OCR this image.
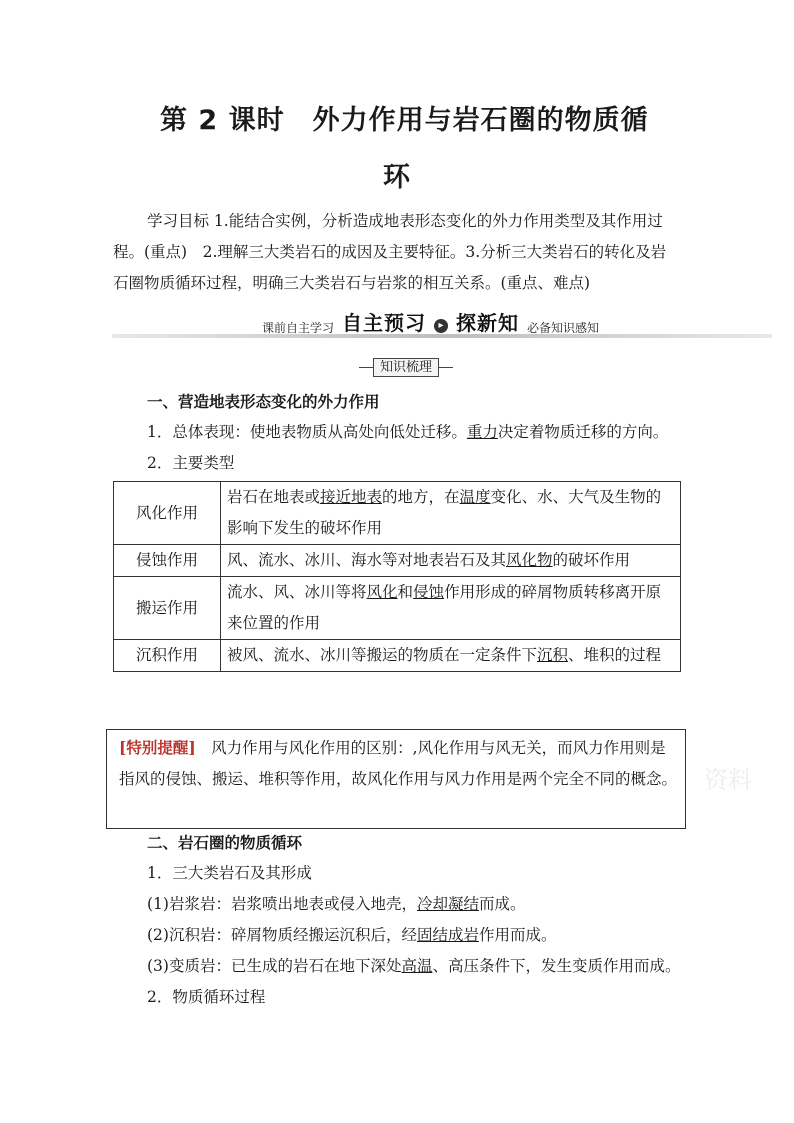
第 2 课时　外力作用与岩石圈的物质循
环
学习目标 1.能结合实例，分析造成地表形态变化的外力作用类型及其作用过
程。(重点)　2.理解三大类岩石的成因及主要特征。3.分析三大类岩石的转化及岩
石圈物质循环过程，明确三大类岩石与岩浆的相互关系。(重点、难点)
课前自主学习 自主预习	▸ 探新知 必备知识感知
知识梳理
一、营造地表形态变化的外力作用
1．总体表现：使地表物质从高处向低处迁移。重力决定着物质迁移的方向。
2．主要类型
风化作用	岩石在地表或接近地表的地方，在温度变化、水、大气及生物的影响下发生的破坏作用
侵蚀作用	风、流水、冰川、海水等对地表岩石及其风化物的破坏作用
搬运作用	流水、风、冰川等将风化和侵蚀作用形成的碎屑物质转移离开原来位置的作用
沉积作用	被风、流水、冰川等搬运的物质在一定条件下沉积、堆积的过程
[特别提醒]　风力作用与风化作用的区别：,风化作用与风无关，而风力作用则是指风的侵蚀、搬运、堆积等作用，故风化作用与风力作用是两个完全不同的概念。	资料
二、岩石圈的物质循环
1．三大类岩石及其形成
(1)岩浆岩：岩浆喷出地表或侵入地壳，冷却凝结而成。
(2)沉积岩：碎屑物质经搬运沉积后，经固结成岩作用而成。
(3)变质岩：已生成的岩石在地下深处高温、高压条件下，发生变质作用而成。
2．物质循环过程
